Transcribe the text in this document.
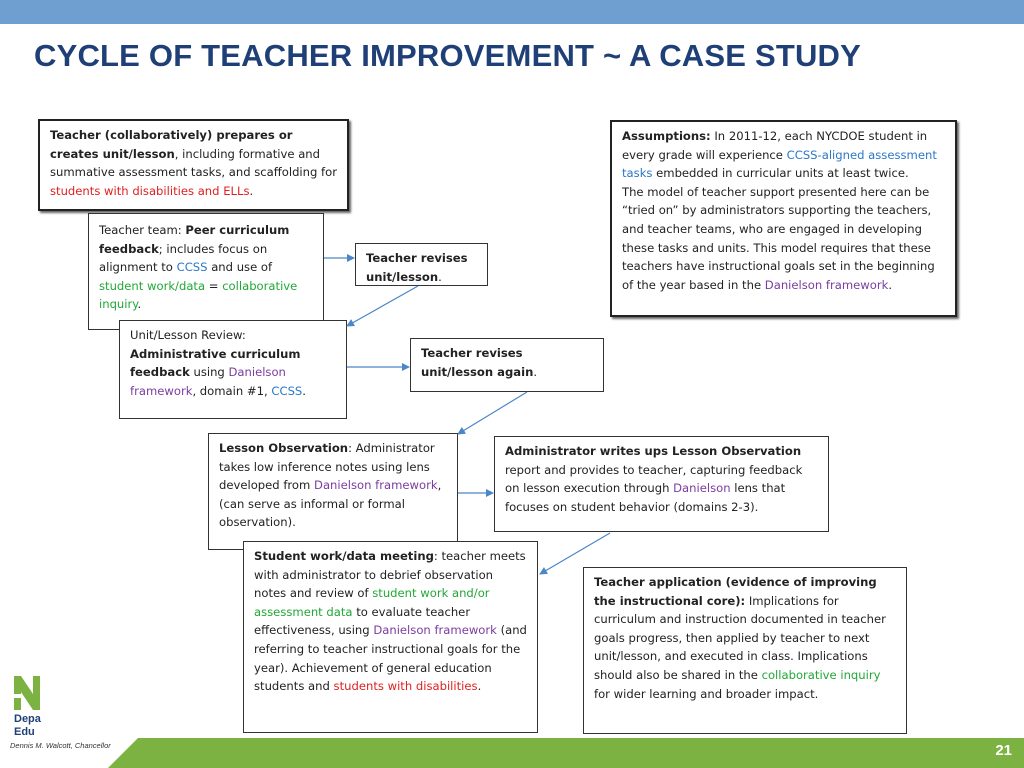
CYCLE OF TEACHER IMPROVEMENT ~ A CASE STUDY
Teacher (collaboratively) prepares or creates unit/lesson, including formative and summative assessment tasks, and scaffolding for students with disabilities and ELLs.
Teacher team: Peer curriculum feedback; includes focus on alignment to CCSS and use of student work/data = collaborative inquiry.
Teacher revises unit/lesson.
Unit/Lesson Review:
Administrative curriculum feedback using Danielson framework, domain #1, CCSS.
Teacher revises unit/lesson again.
Lesson Observation: Administrator takes low inference notes using lens developed from Danielson framework, (can serve as informal or formal observation).
Administrator writes ups Lesson Observation report and provides to teacher, capturing feedback on lesson execution through Danielson lens that focuses on student behavior (domains 2-3).
Student work/data meeting: teacher meets with administrator to debrief observation notes and review of student work and/or assessment data to evaluate teacher effectiveness, using Danielson framework (and referring to teacher instructional goals for the year). Achievement of general education students and students with disabilities.
Teacher application (evidence of improving the instructional core): Implications for curriculum and instruction documented in teacher goals progress, then applied by teacher to next unit/lesson, and executed in class. Implications should also be shared in the collaborative inquiry for wider learning and broader impact.
Assumptions: In 2011-12, each NYCDOE student in every grade will experience CCSS-aligned assessment tasks embedded in curricular units at least twice.
The model of teacher support presented here can be “tried on” by administrators supporting the teachers, and teacher teams, who are engaged in developing these tasks and units. This model requires that these teachers have instructional goals set in the beginning of the year based in the Danielson framework.
Depa
Edu
Dennis M. Walcott, Chancellor	21
